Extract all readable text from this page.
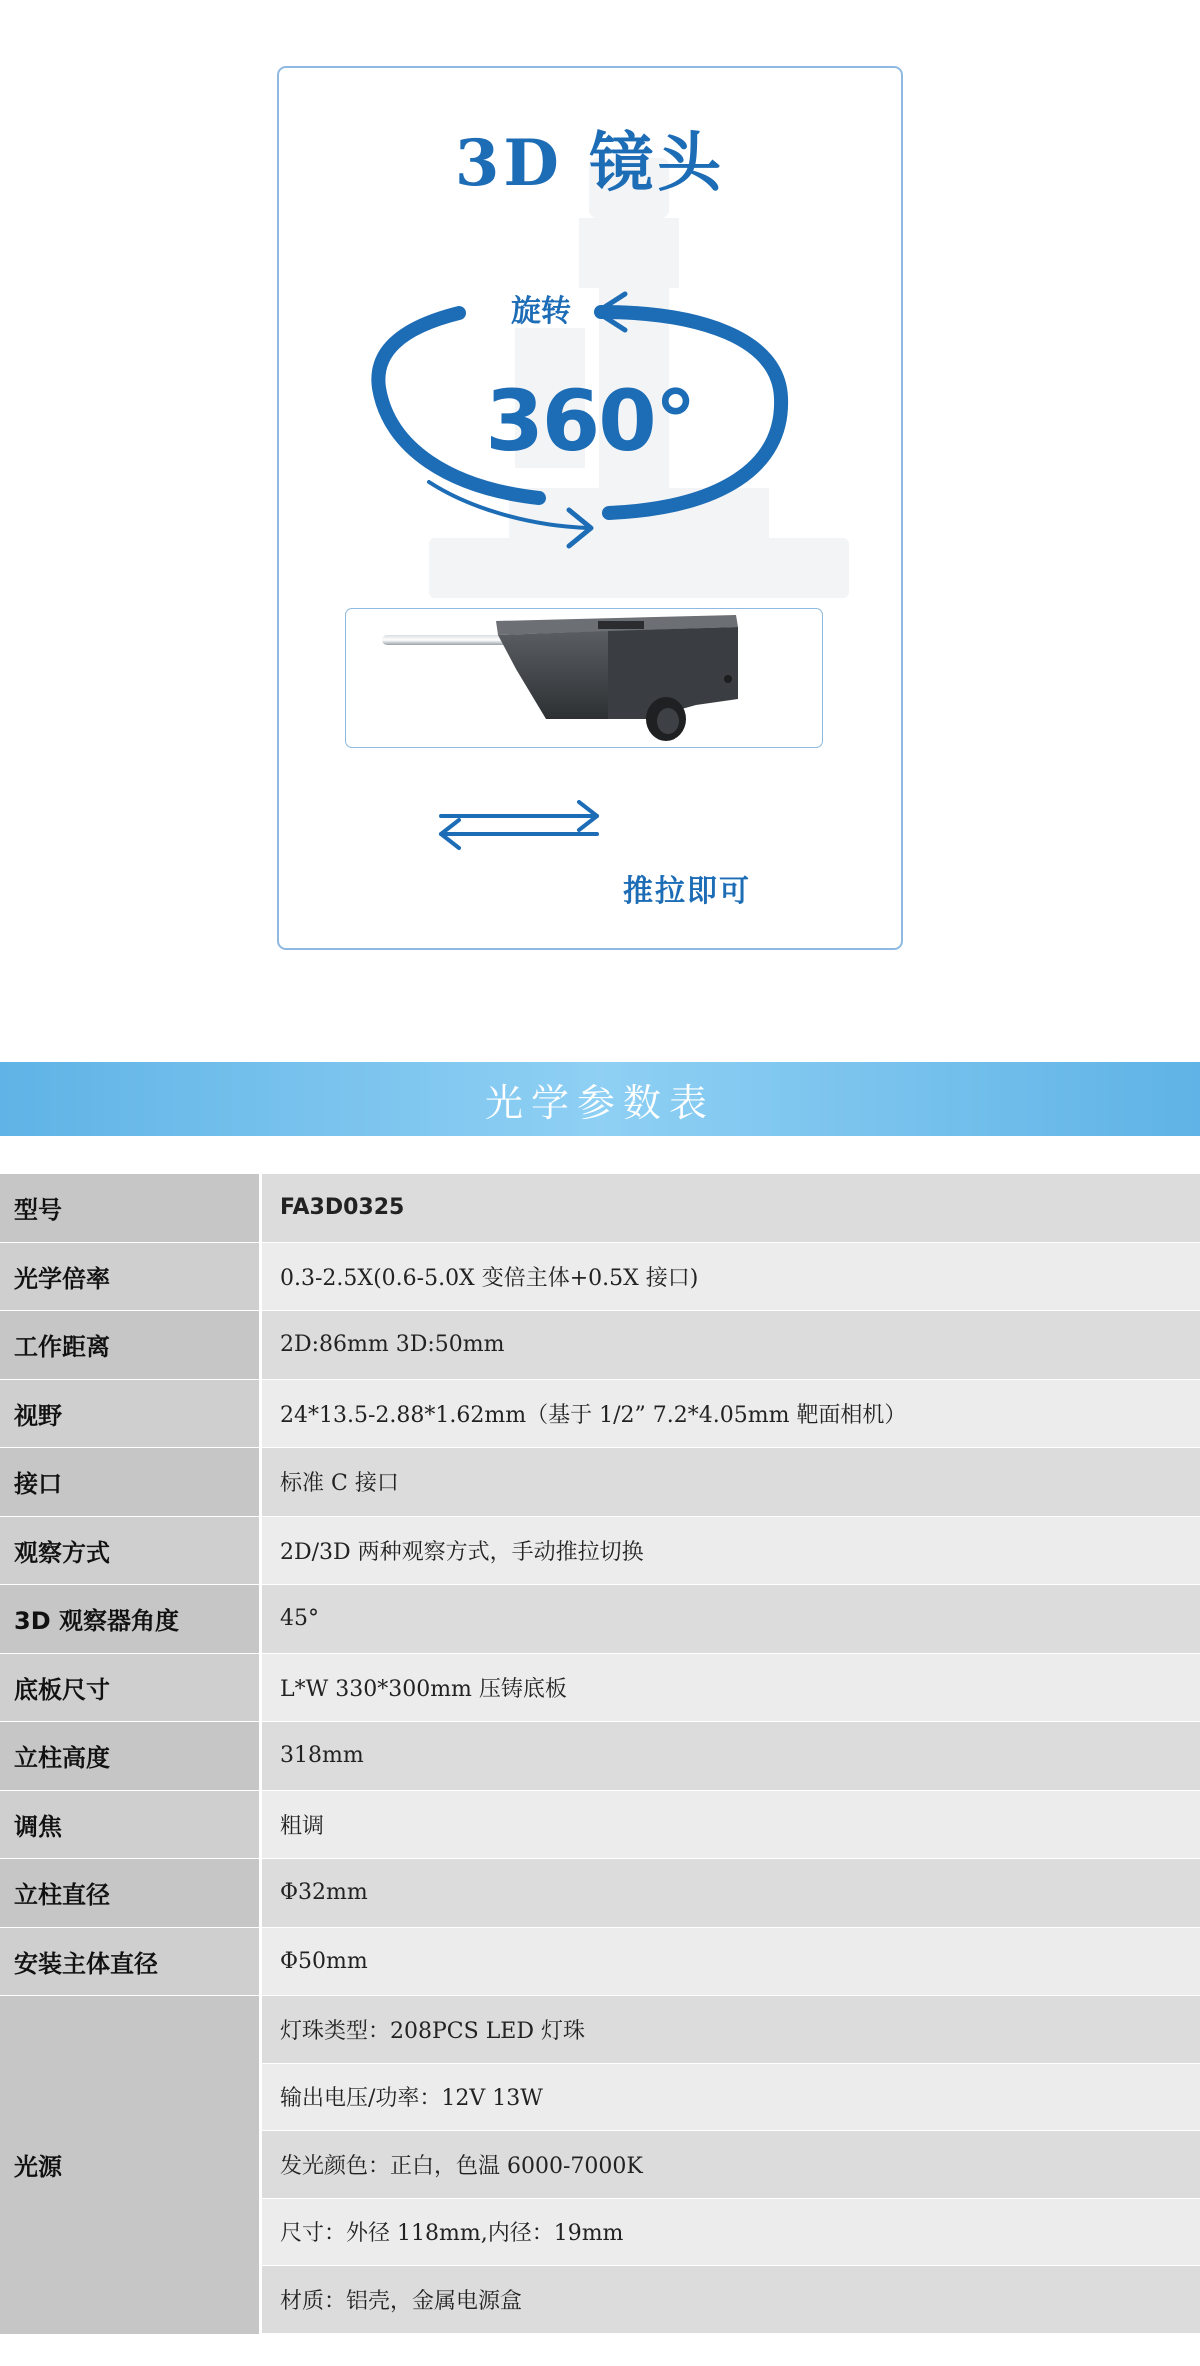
3D 镜头
旋转
360°
推拉即可
光学参数表
型号	FA3D0325
光学倍率	0.3-2.5X(0.6-5.0X 变倍主体+0.5X 接口)
工作距离	2D:86mm 3D:50mm
视野	24*13.5-2.88*1.62mm（基于 1/2” 7.2*4.05mm 靶面相机）
接口	标准 C 接口
观察方式	2D/3D 两种观察方式，手动推拉切换
3D 观察器角度	45°
底板尺寸	L*W 330*300mm 压铸底板
立柱高度	318mm
调焦	粗调
立柱直径	Φ32mm
安装主体直径	Φ50mm
光源
灯珠类型：208PCS LED 灯珠
输出电压/功率：12V 13W
发光颜色：正白，色温 6000-7000K
尺寸：外径 118mm,内径：19mm
材质：铝壳，金属电源盒
